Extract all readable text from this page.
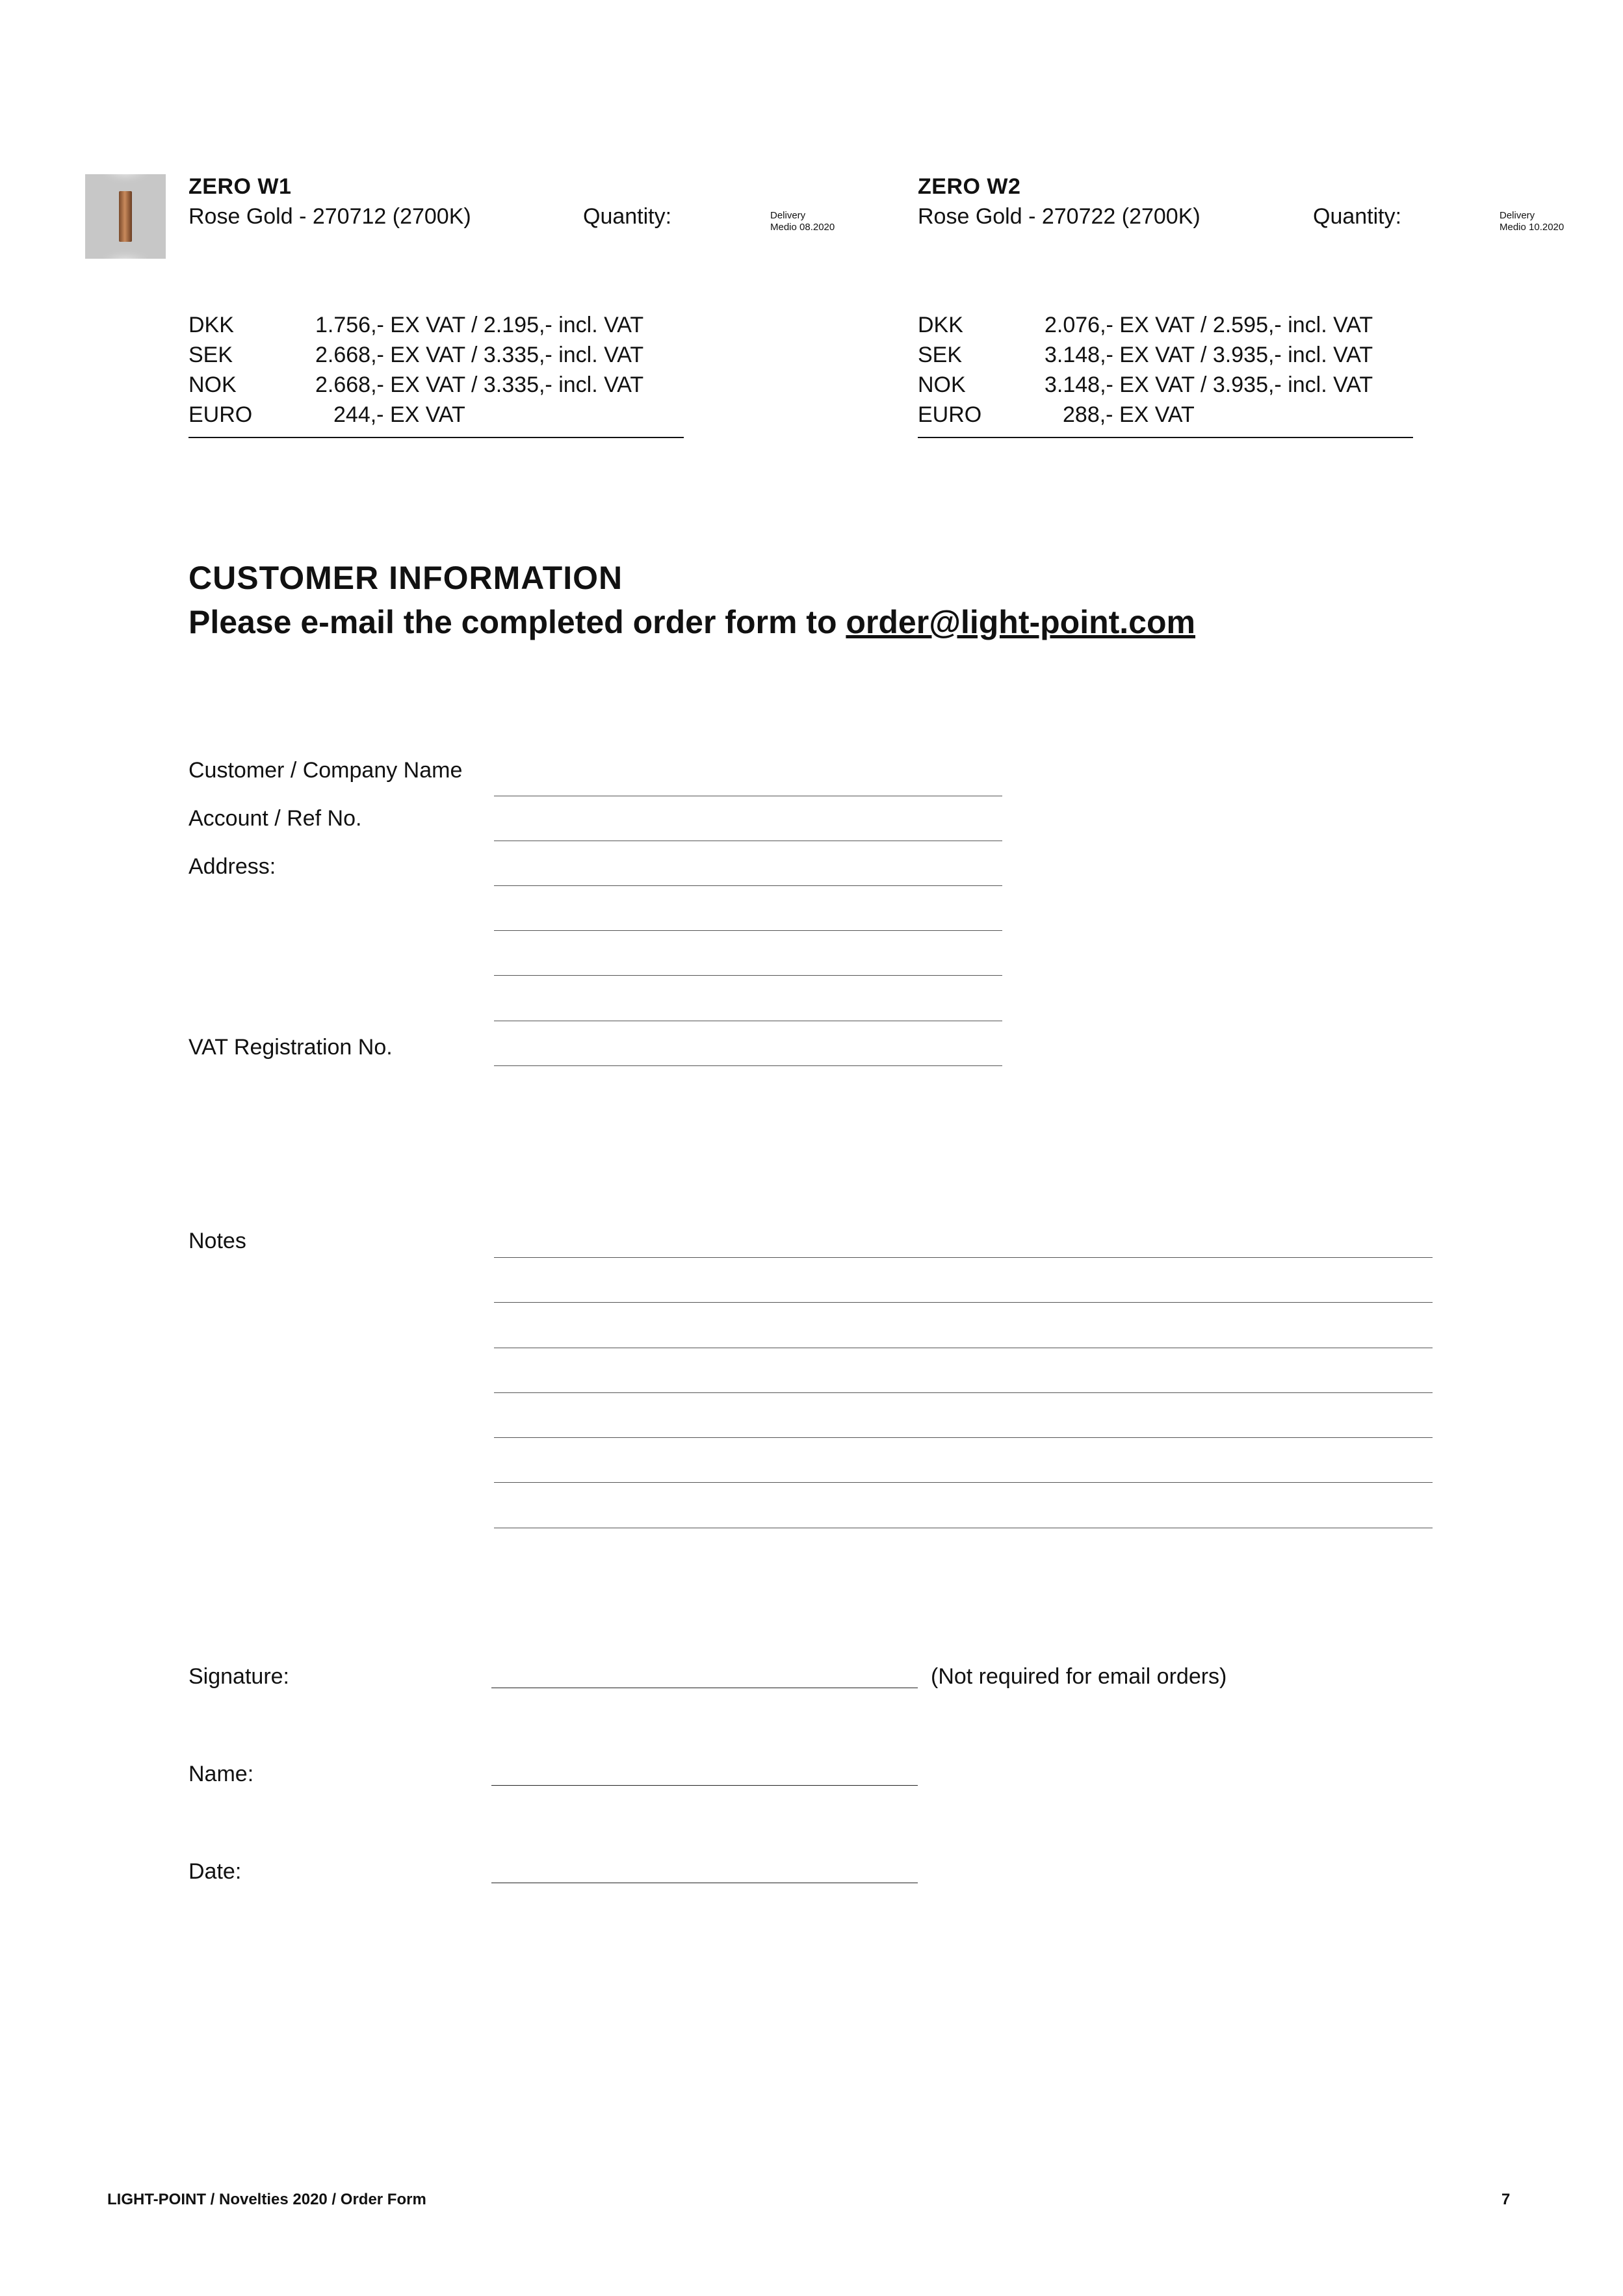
ZERO W1
Rose Gold - 270712 (2700K)	Quantity:	Delivery
Medio 08.2020
DKK	1.756,- EX VAT / 2.195,- incl. VAT
SEK	2.668,- EX VAT / 3.335,- incl. VAT
NOK	2.668,- EX VAT / 3.335,- incl. VAT
EURO	244,- EX VAT
ZERO W2
Rose Gold - 270722 (2700K)	Quantity:	Delivery
Medio 10.2020
DKK	2.076,- EX VAT / 2.595,- incl. VAT
SEK	3.148,- EX VAT / 3.935,- incl. VAT
NOK	3.148,- EX VAT / 3.935,- incl. VAT
EURO	288,- EX VAT
CUSTOMER INFORMATION
Please e-mail the completed order form to order@light-point.com
Customer / Company Name
Account / Ref No.
Address:
VAT Registration No.
Notes
Signature:	(Not required for email orders)
Name:
Date:
LIGHT-POINT / Novelties 2020 / Order Form	7
